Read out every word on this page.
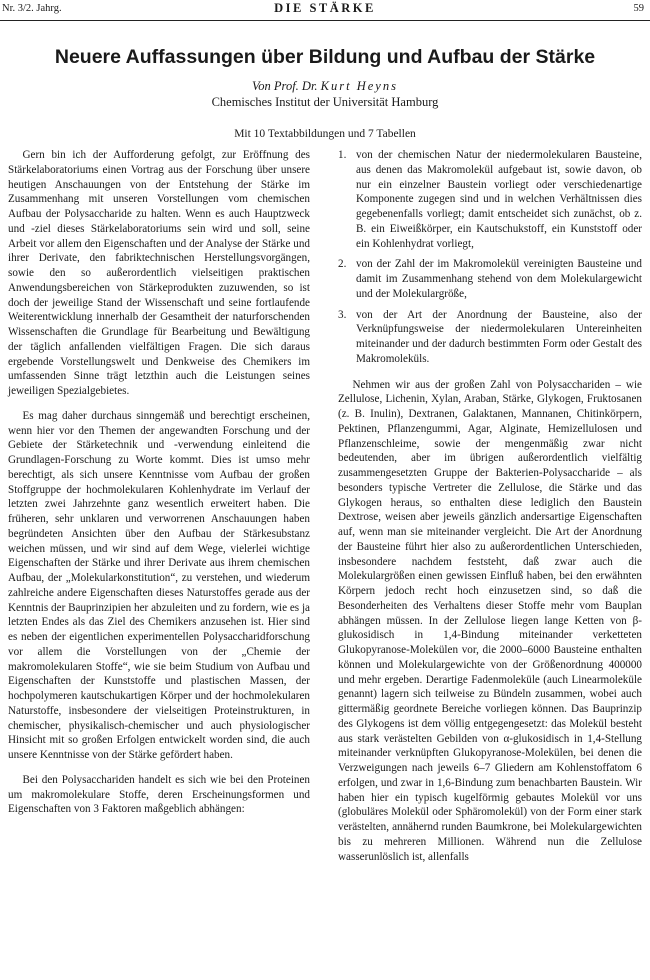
Nr. 3/2. Jahrg.	DIE STÄRKE	59
Neuere Auffassungen über Bildung und Aufbau der Stärke
Von Prof. Dr. Kurt Heyns
Chemisches Institut der Universität Hamburg
Mit 10 Textabbildungen und 7 Tabellen

Gern bin ich der Aufforderung gefolgt, zur Eröffnung des Stärkelaboratoriums einen Vortrag aus der Forschung über unsere heutigen Anschauungen von der Entstehung der Stärke im Zusammenhang mit unseren Vorstellungen vom chemischen Aufbau der Polysaccharide zu halten. Wenn es auch Hauptzweck und -ziel dieses Stärkelaboratoriums sein wird und soll, seine Arbeit vor allem den Eigenschaften und der Analyse der Stärke und ihrer Derivate, den fabriktechnischen Herstellungsvorgängen, sowie den so außerordentlich vielseitigen praktischen Anwendungsbereichen von Stärkeprodukten zuzuwenden, so ist doch der jeweilige Stand der Wissenschaft und seine fortlaufende Weiterentwicklung innerhalb der Gesamtheit der naturforschenden Wissenschaften die Grundlage für Bearbeitung und Bewältigung der täglich anfallenden vielfältigen Fragen. Die sich daraus ergebende Vorstellungswelt und Denkweise des Chemikers im umfassenden Sinne trägt letzthin auch die Leistungen seines jeweiligen Spezialgebietes.

Es mag daher durchaus sinngemäß und berechtigt erscheinen, wenn hier vor den Themen der angewandten Forschung und der Gebiete der Stärketechnik und -verwendung einleitend die Grundlagen-Forschung zu Worte kommt. Dies ist umso mehr berechtigt, als sich unsere Kenntnisse vom Aufbau der großen Stoffgruppe der hochmolekularen Kohlenhydrate im Verlauf der letzten zwei Jahrzehnte ganz wesentlich erweitert haben. Die früheren, sehr unklaren und verworrenen Anschauungen haben begründeten Ansichten über den Aufbau der Stärkesubstanz weichen müssen, und wir sind auf dem Wege, vielerlei wichtige Eigenschaften der Stärke und ihrer Derivate aus ihrem chemischen Aufbau, der „Molekularkonstitution“, zu verstehen, und wiederum zahlreiche andere Eigenschaften dieses Naturstoffes gerade aus der Kenntnis der Bauprinzipien her abzuleiten und zu fordern, wie es ja letzten Endes als das Ziel des Chemikers anzusehen ist. Hier sind es neben der eigentlichen experimentellen Polysaccharidforschung vor allem die Vorstellungen von der „Chemie der makromolekularen Stoffe“, wie sie beim Studium von Aufbau und Eigenschaften der Kunststoffe und plastischen Massen, der hochpolymeren kautschukartigen Körper und der hochmolekularen Naturstoffe, insbesondere der vielseitigen Proteinstrukturen, in chemischer, physikalisch-chemischer und auch physiologischer Hinsicht mit so großen Erfolgen entwickelt worden sind, die auch unsere Kenntnisse von der Stärke gefördert haben.

Bei den Polysacchariden handelt es sich wie bei den Proteinen um makromolekulare Stoffe, deren Erscheinungsformen und Eigenschaften von 3 Faktoren maßgeblich abhängen:

1. von der chemischen Natur der niedermolekularen Bausteine, aus denen das Makromolekül aufgebaut ist, sowie davon, ob nur ein einzelner Baustein vorliegt oder verschiedenartige Komponente zugegen sind und in welchen Verhältnissen dies gegebenenfalls vorliegt; damit entscheidet sich zunächst, ob z. B. ein Eiweißkörper, ein Kautschukstoff, ein Kunststoff oder ein Kohlenhydrat vorliegt,

2. von der Zahl der im Makromolekül vereinigten Bausteine und damit im Zusammenhang stehend von dem Molekulargewicht und der Molekulargröße,

3. von der Art der Anordnung der Bausteine, also der Verknüpfungsweise der niedermolekularen Untereinheiten miteinander und der dadurch bestimmten Form oder Gestalt des Makromoleküls.

Nehmen wir aus der großen Zahl von Polysacchariden – wie Zellulose, Lichenin, Xylan, Araban, Stärke, Glykogen, Fruktosanen (z. B. Inulin), Dextranen, Galaktanen, Mannanen, Chitinkörpern, Pektinen, Pflanzengummi, Agar, Alginate, Hemizellulosen und Pflanzenschleime, sowie der mengenmäßig zwar nicht bedeutenden, aber im übrigen außerordentlich vielfältig zusammengesetzten Gruppe der Bakterien-Polysaccharide – als besonders typische Vertreter die Zellulose, die Stärke und das Glykogen heraus, so enthalten diese lediglich den Baustein Dextrose, weisen aber jeweils gänzlich andersartige Eigenschaften auf, wenn man sie miteinander vergleicht. Die Art der Anordnung der Bausteine führt hier also zu außerordentlichen Unterschieden, insbesondere nachdem feststeht, daß zwar auch die Molekulargrößen einen gewissen Einfluß haben, bei den erwähnten Körpern jedoch recht hoch einzusetzen sind, so daß die Besonderheiten des Verhaltens dieser Stoffe mehr vom Bauplan abhängen müssen. In der Zellulose liegen lange Ketten von β-glukosidisch in 1,4-Bindung miteinander verketteten Glukopyranose-Molekülen vor, die 2000–6000 Bausteine enthalten können und Molekulargewichte von der Größenordnung 400000 und mehr ergeben. Derartige Fadenmoleküle (auch Linearmoleküle genannt) lagern sich teilweise zu Bündeln zusammen, wobei auch gittermäßig geordnete Bereiche vorliegen können. Das Bauprinzip des Glykogens ist dem völlig entgegengesetzt: das Molekül besteht aus stark verästelten Gebilden von α-glukosidisch in 1,4-Stellung miteinander verknüpften Glukopyranose-Molekülen, bei denen die Verzweigungen nach jeweils 6–7 Gliedern am Kohlenstoffatom 6 erfolgen, und zwar in 1,6-Bindung zum benachbarten Baustein. Wir haben hier ein typisch kugelförmig gebautes Molekül vor uns (globuläres Molekül oder Sphäromolekül) von der Form einer stark verästelten, annähernd runden Baumkrone, bei Molekulargewichten bis zu mehreren Millionen. Während nun die Zellulose wasserunlöslich ist, allenfalls
